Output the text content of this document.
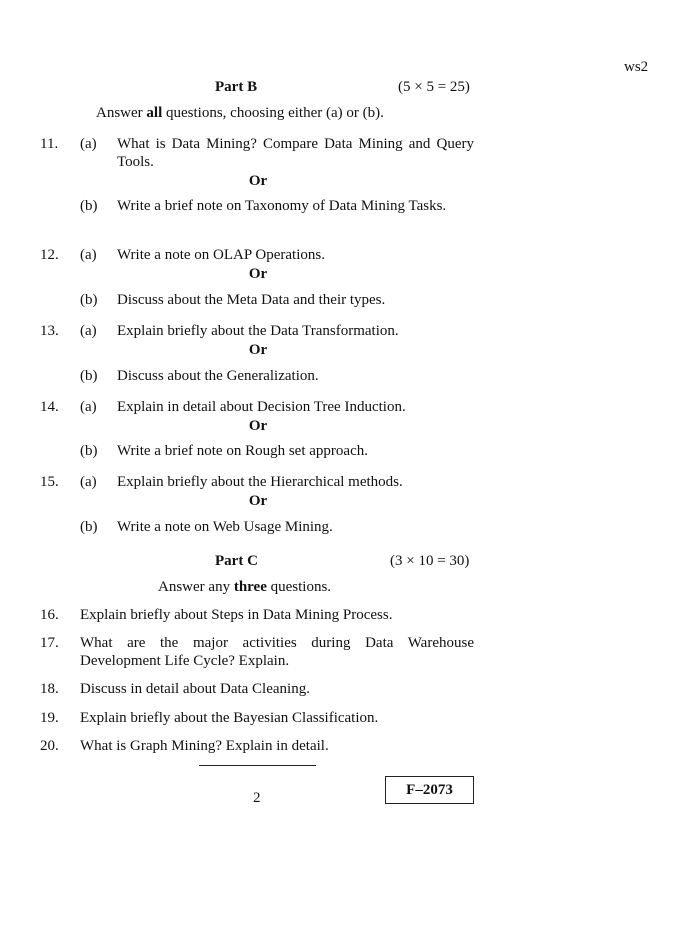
ws2
Part B	(5 × 5 = 25)
Answer all questions, choosing either (a) or (b).
11. (a) What is Data Mining? Compare Data Mining and Query Tools.
Or
(b) Write a brief note on Taxonomy of Data Mining Tasks.
12. (a) Write a note on OLAP Operations.
Or
(b) Discuss about the Meta Data and their types.
13. (a) Explain briefly about the Data Transformation.
Or
(b) Discuss about the Generalization.
14. (a) Explain in detail about Decision Tree Induction.
Or
(b) Write a brief note on Rough set approach.
15. (a) Explain briefly about the Hierarchical methods.
Or
(b) Write a note on Web Usage Mining.
Part C	(3 × 10 = 30)
Answer any three questions.
16. Explain briefly about Steps in Data Mining Process.
17. What are the major activities during Data Warehouse Development Life Cycle? Explain.
18. Discuss in detail about Data Cleaning.
19. Explain briefly about the Bayesian Classification.
20. What is Graph Mining? Explain in detail.
2	F–2073
